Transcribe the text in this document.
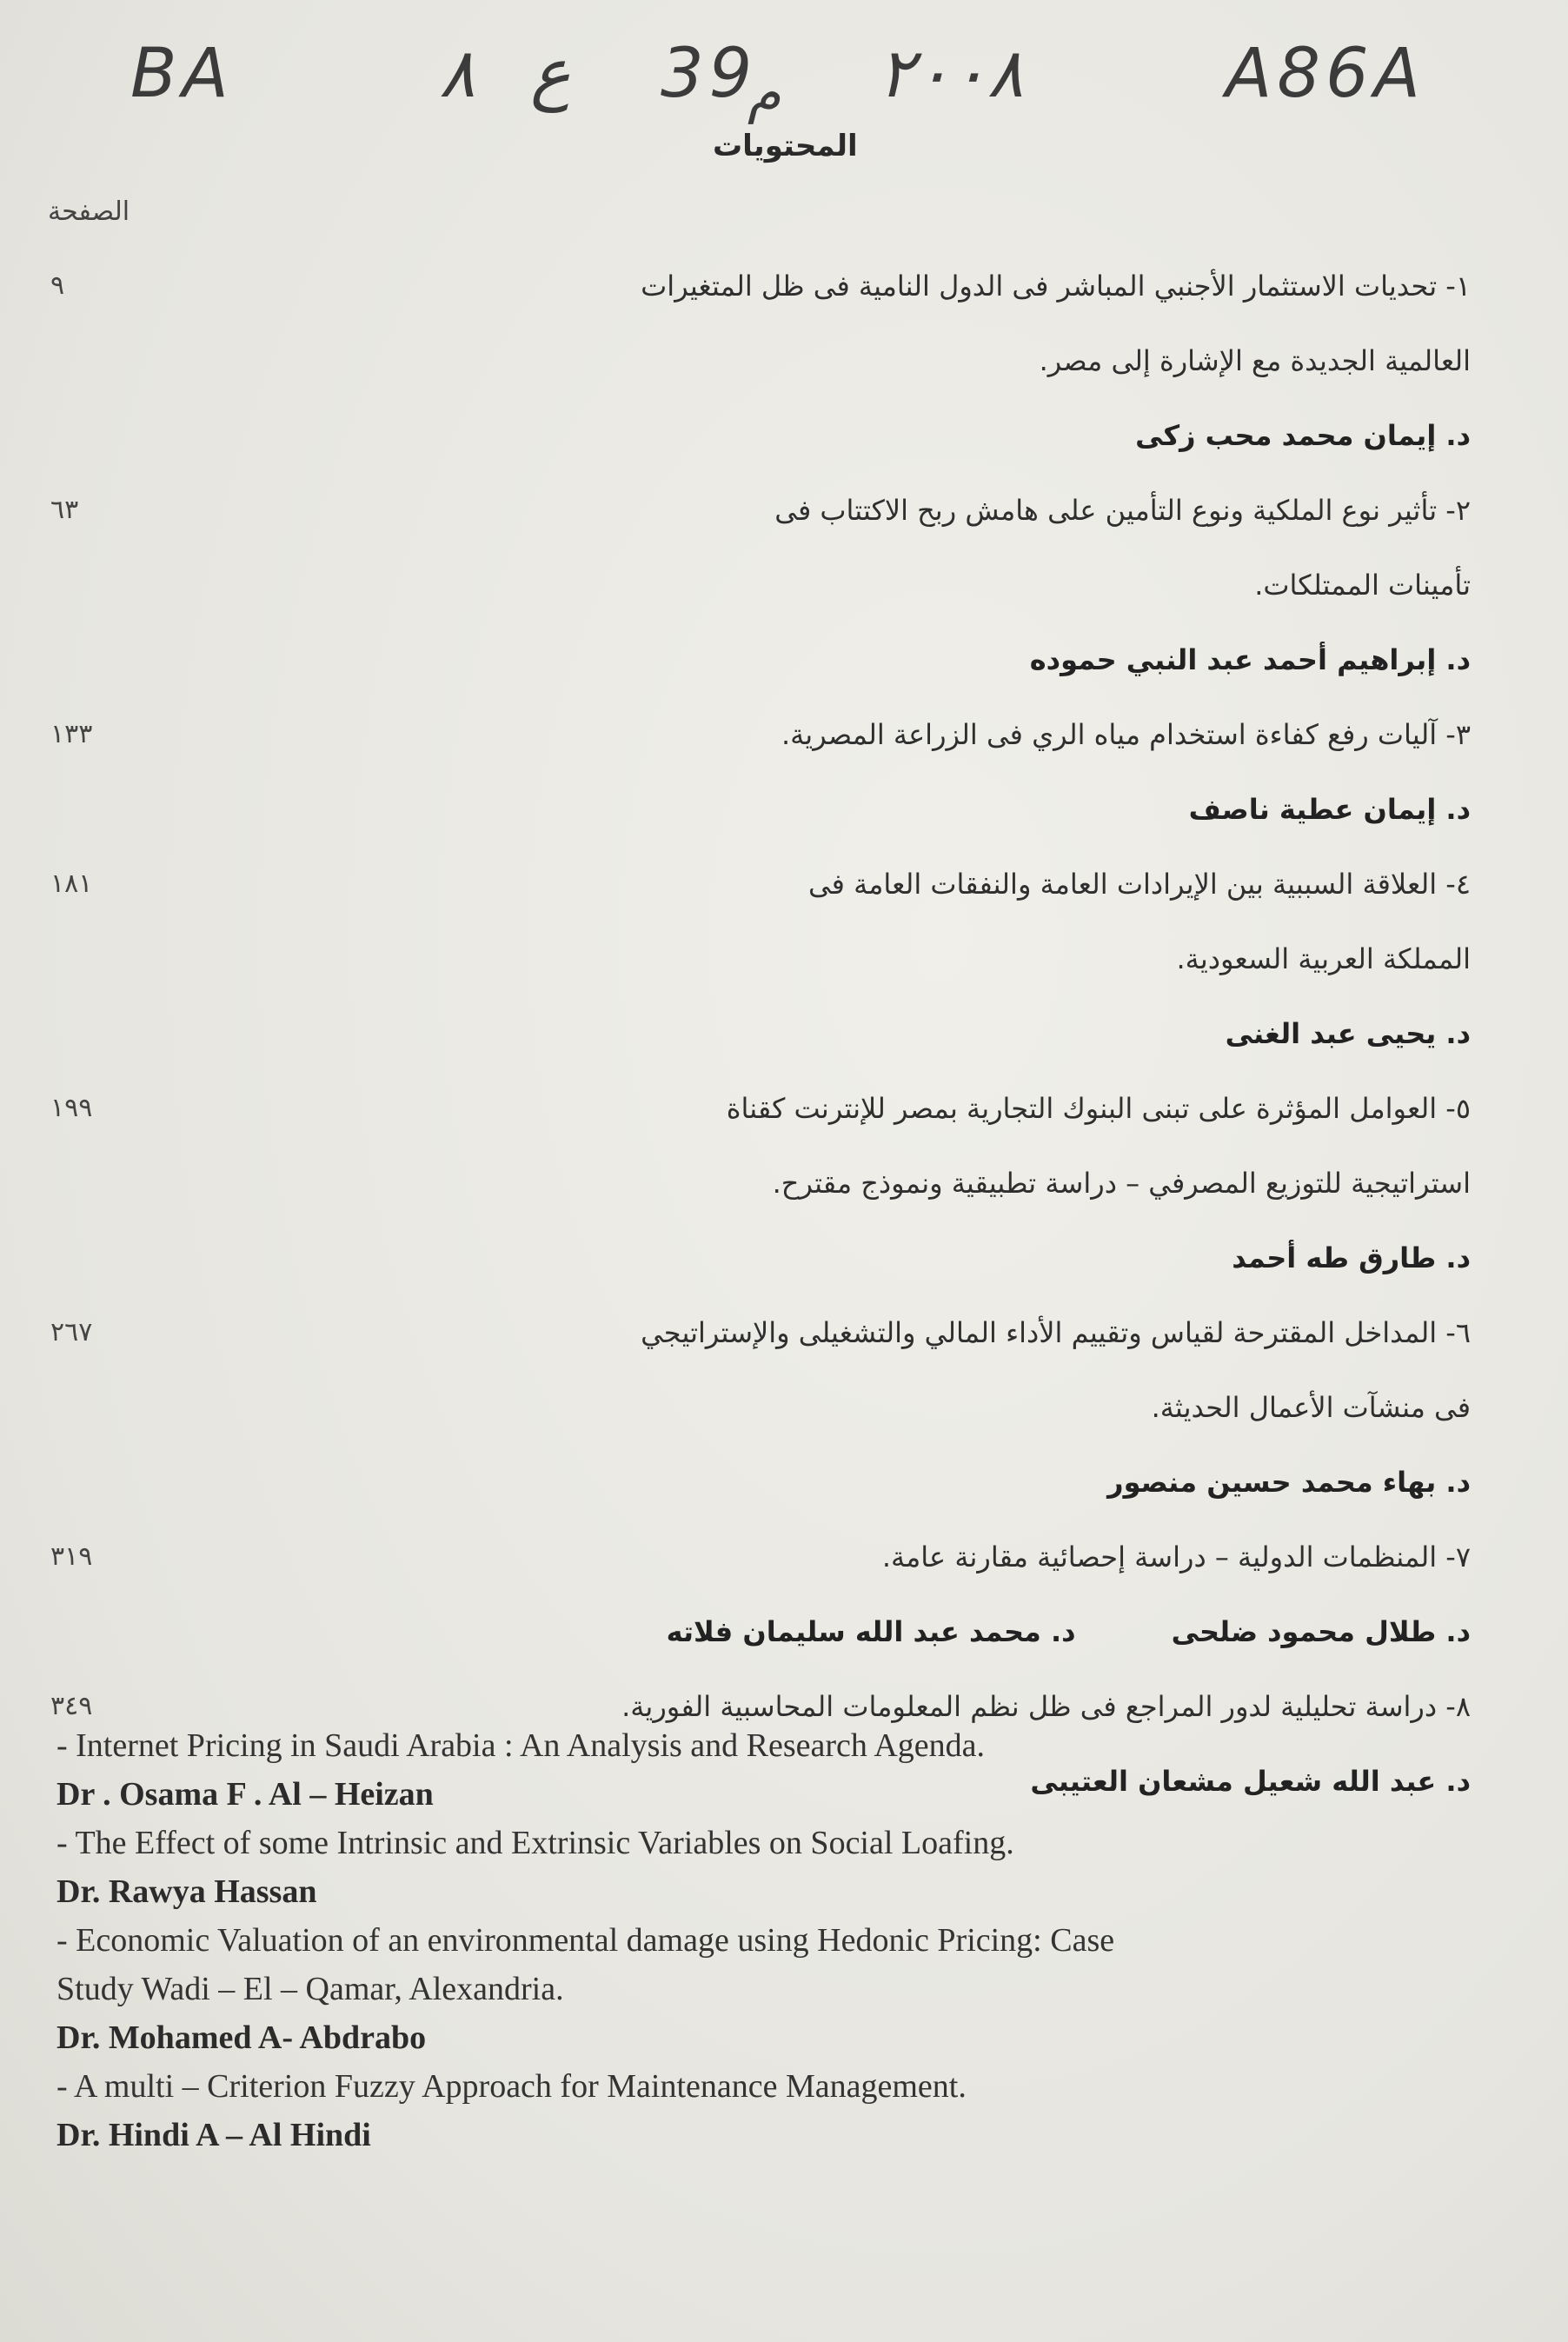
BA	٨ ع 39
م ٢٠٠٨	A86A
المحتويات
الصفحة
١- تحديات الاستثمار الأجنبي المباشر فى الدول النامية فى ظل المتغيرات
٩
العالمية الجديدة مع الإشارة إلى مصر.
د. إيمان محمد محب زكى
٢- تأثير نوع الملكية ونوع التأمين على هامش ربح الاكتتاب فى
٦٣
تأمينات الممتلكات.
د. إبراهيم أحمد عبد النبي حموده
٣- آليات رفع كفاءة استخدام مياه الري فى الزراعة المصرية.
١٣٣
د. إيمان عطية ناصف
٤- العلاقة السببية بين الإيرادات العامة والنفقات العامة فى
١٨١
المملكة العربية السعودية.
د. يحيى عبد الغنى
٥- العوامل المؤثرة على تبنى البنوك التجارية بمصر للإنترنت كقناة
١٩٩
استراتيجية للتوزيع المصرفي – دراسة تطبيقية ونموذج مقترح.
د. طارق طه أحمد
٦- المداخل المقترحة لقياس وتقييم الأداء المالي والتشغيلى والإستراتيجي
٢٦٧
فى منشآت الأعمال الحديثة.
د. بهاء محمد حسين منصور
٧- المنظمات الدولية – دراسة إحصائية مقارنة عامة.
٣١٩
د. طلال محمود ضلحى
د. محمد عبد الله سليمان فلاته
٨- دراسة تحليلية لدور المراجع فى ظل نظم المعلومات المحاسبية الفورية.
٣٤٩
د. عبد الله شعيل مشعان العتيبى
- Internet Pricing in Saudi Arabia : An Analysis and Research Agenda.
Dr . Osama F . Al – Heizan
- The Effect of some Intrinsic and Extrinsic Variables on Social Loafing.
Dr. Rawya Hassan
- Economic Valuation of an environmental damage using Hedonic Pricing: Case
Study Wadi – El – Qamar, Alexandria.
Dr. Mohamed A- Abdrabo
- A multi – Criterion Fuzzy Approach for Maintenance Management.
Dr. Hindi A – Al Hindi
